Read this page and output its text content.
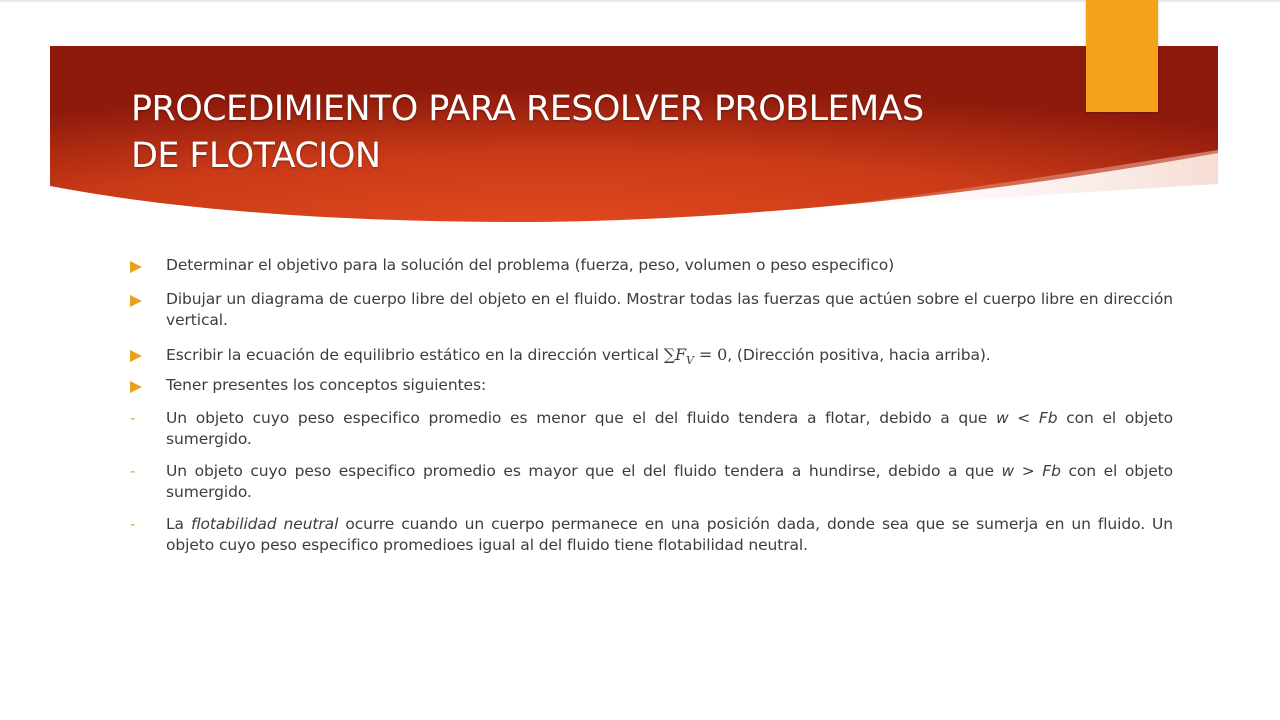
PROCEDIMIENTO PARA RESOLVER PROBLEMAS
DE FLOTACION
Determinar el objetivo para la solución del problema (fuerza, peso, volumen o peso especifico)
Dibujar un diagrama de cuerpo libre del objeto en el fluido. Mostrar todas las fuerzas que actúen sobre el cuerpo libre en dirección vertical.
Escribir la ecuación de equilibrio estático en la dirección vertical $\sum F_V = 0$, (Dirección positiva, hacia arriba).
Tener presentes los conceptos siguientes:
-	Un objeto cuyo peso especifico promedio es menor que el del fluido tendera a flotar, debido a que w < Fb con el objeto sumergido.
-	Un objeto cuyo peso especifico promedio es mayor que el del fluido tendera a hundirse, debido a que w > Fb con el objeto sumergido.
-	La flotabilidad neutral ocurre cuando un cuerpo permanece en una posición dada, donde sea que se sumerja en un fluido. Un objeto cuyo peso especifico promedioes igual al del fluido tiene flotabilidad neutral.
